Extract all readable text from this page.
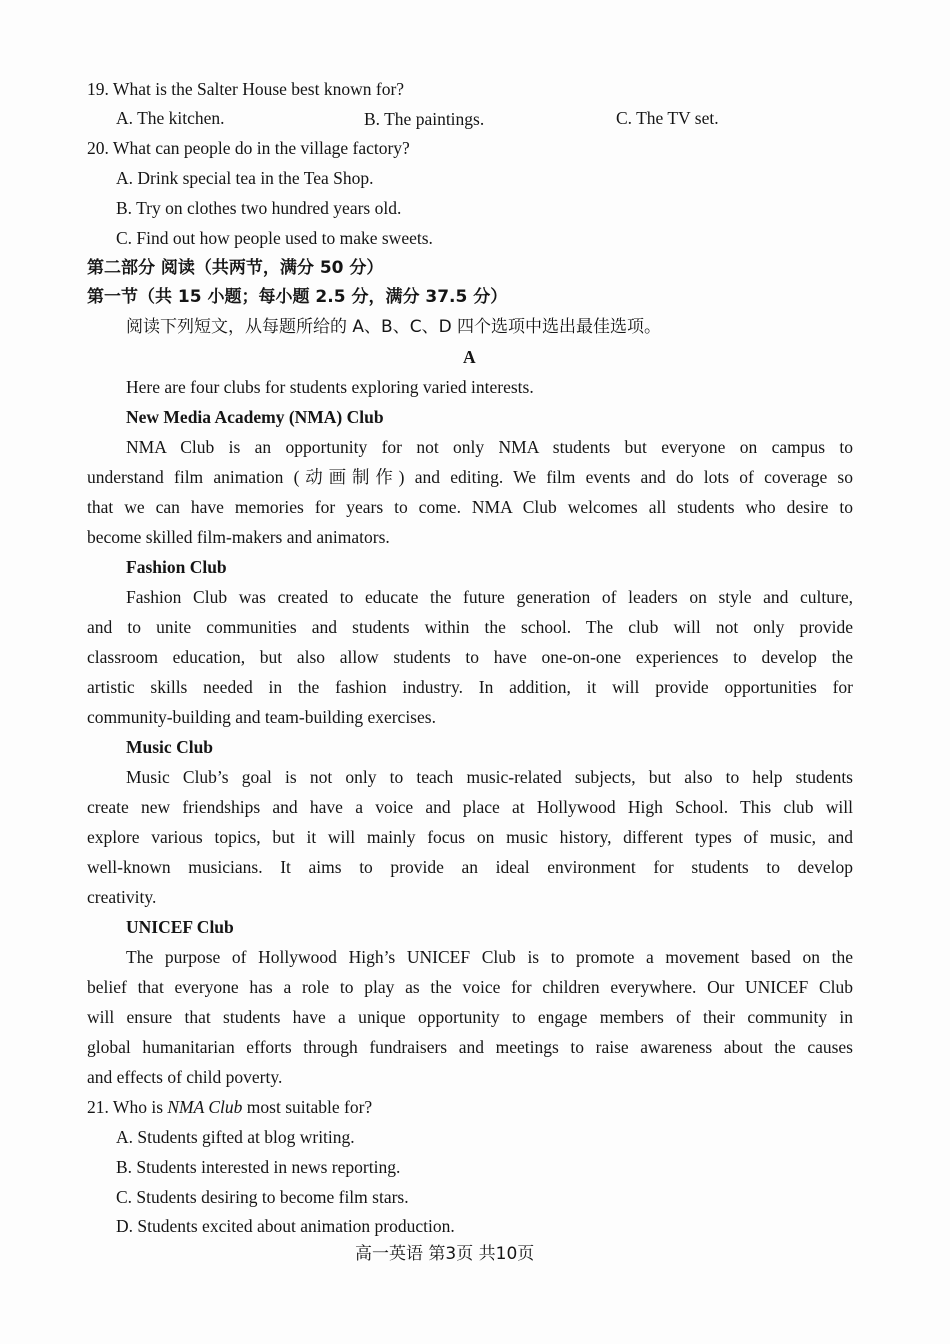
19. What is the Salter House best known for?
A. The kitchen.	B. The paintings.	C. The TV set.
20. What can people do in the village factory?
A. Drink special tea in the Tea Shop.
B. Try on clothes two hundred years old.
C. Find out how people used to make sweets.
第二部分 阅读（共两节，满分 50 分）
第一节（共 15 小题；每小题 2.5 分，满分 37.5 分）
阅读下列短文，从每题所给的 A、B、C、D 四个选项中选出最佳选项。
A
Here are four clubs for students exploring varied interests.
New Media Academy (NMA) Club
NMA Club is an opportunity for not only NMA students but everyone on campus to
understand film animation (动画制作) and editing. We film events and do lots of coverage so
that we can have memories for years to come. NMA Club welcomes all students who desire to
become skilled film-makers and animators.
Fashion Club
Fashion Club was created to educate the future generation of leaders on style and culture,
and to unite communities and students within the school. The club will not only provide
classroom education, but also allow students to have one-on-one experiences to develop the
artistic skills needed in the fashion industry. In addition, it will provide opportunities for
community-building and team-building exercises.
Music Club
Music Club’s goal is not only to teach music-related subjects, but also to help students
create new friendships and have a voice and place at Hollywood High School. This club will
explore various topics, but it will mainly focus on music history, different types of music, and
well-known musicians. It aims to provide an ideal environment for students to develop
creativity.
UNICEF Club
The purpose of Hollywood High’s UNICEF Club is to promote a movement based on the
belief that everyone has a role to play as the voice for children everywhere. Our UNICEF Club
will ensure that students have a unique opportunity to engage members of their community in
global humanitarian efforts through fundraisers and meetings to raise awareness about the causes
and effects of child poverty.
21. Who is NMA Club most suitable for?
A. Students gifted at blog writing.
B. Students interested in news reporting.
C. Students desiring to become film stars.
D. Students excited about animation production.
高一英语 第3页 共10页
